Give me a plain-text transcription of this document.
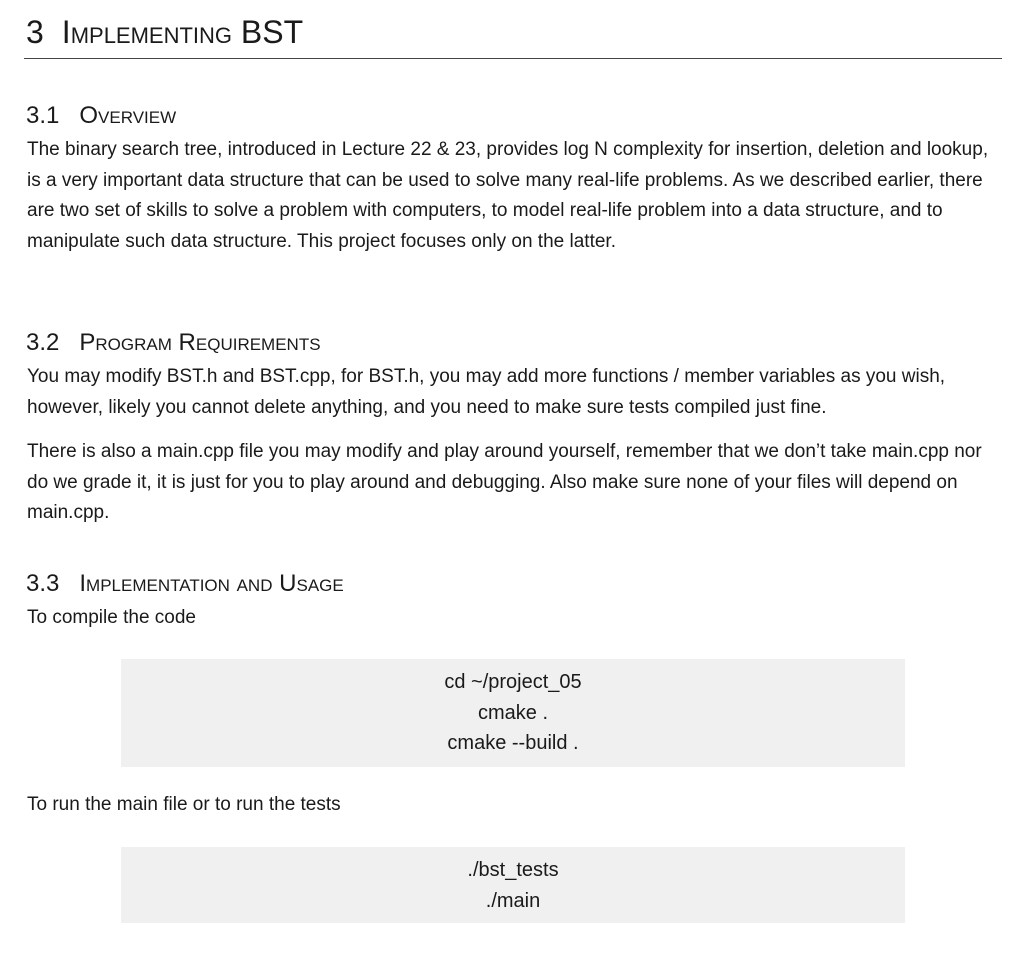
3 Implementing BST
3.1 Overview

The binary search tree, introduced in Lecture 22 & 23, provides log N complexity for insertion, deletion and lookup, is a very important data structure that can be used to solve many real-life problems. As we described earlier, there are two set of skills to solve a problem with computers, to model real-life problem into a data structure, and to manipulate such data structure. This project focuses only on the latter.

3.2 Program Requirements

You may modify BST.h and BST.cpp, for BST.h, you may add more functions / member variables as you wish, however, likely you cannot delete anything, and you need to make sure tests compiled just fine.

There is also a main.cpp file you may modify and play around yourself, remember that we don’t take main.cpp nor do we grade it, it is just for you to play around and debugging. Also make sure none of your files will depend on main.cpp.

3.3 Implementation and Usage

To compile the code

cd ~/project_05
cmake .
cmake --build .

To run the main file or to run the tests

./bst_tests
./main
